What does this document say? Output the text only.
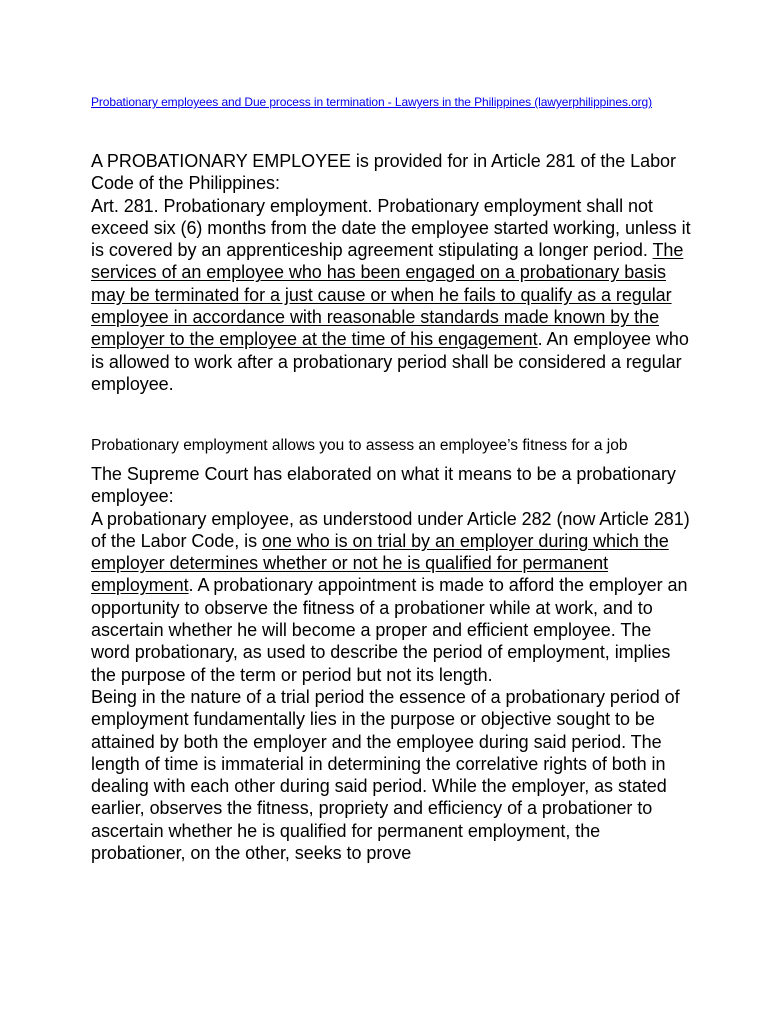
Probationary employees and Due process in termination - Lawyers in the Philippines (lawyerphilippines.org)

A PROBATIONARY EMPLOYEE is provided for in Article 281 of the Labor Code of the Philippines:

Art. 281. Probationary employment. Probationary employment shall not exceed six (6) months from the date the employee started working, unless it is covered by an apprenticeship agreement stipulating a longer period. The services of an employee who has been engaged on a probationary basis may be terminated for a just cause or when he fails to qualify as a regular employee in accordance with reasonable standards made known by the employer to the employee at the time of his engagement. An employee who is allowed to work after a probationary period shall be considered a regular employee.

Probationary employment allows you to assess an employee’s fitness for a job

The Supreme Court has elaborated on what it means to be a probationary employee:

A probationary employee, as understood under Article 282 (now Article 281) of the Labor Code, is one who is on trial by an employer during which the employer determines whether or not he is qualified for permanent employment. A probationary appointment is made to afford the employer an opportunity to observe the fitness of a probationer while at work, and to ascertain whether he will become a proper and efficient employee. The word probationary, as used to describe the period of employment, implies the purpose of the term or period but not its length.

Being in the nature of a trial period the essence of a probationary period of employment fundamentally lies in the purpose or objective sought to be attained by both the employer and the employee during said period. The length of time is immaterial in determining the correlative rights of both in dealing with each other during said period. While the employer, as stated earlier, observes the fitness, propriety and efficiency of a probationer to ascertain whether he is qualified for permanent employment, the probationer, on the other, seeks to prove
